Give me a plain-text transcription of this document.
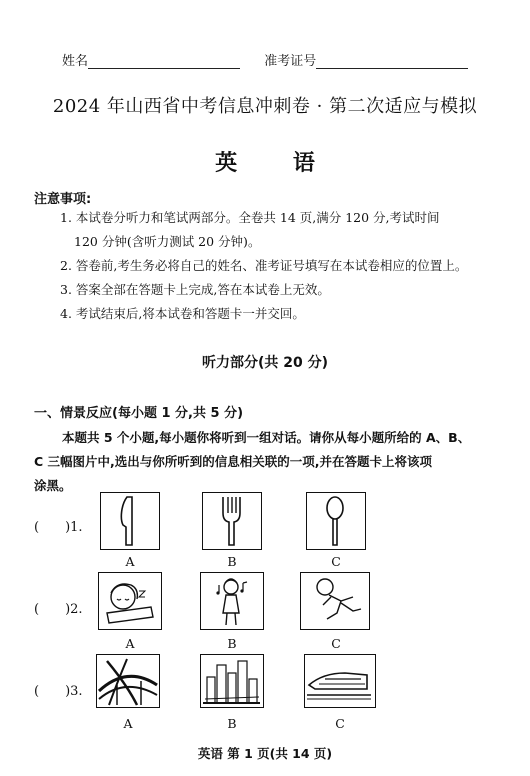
姓名	准考证号
2024 年山西省中考信息冲刺卷 · 第二次适应与模拟
英 语
注意事项:
1. 本试卷分听力和笔试两部分。全卷共 14 页,满分 120 分,考试时间
120 分钟(含听力测试 20 分钟)。
2. 答卷前,考生务必将自己的姓名、准考证号填写在本试卷相应的位置上。
3. 答案全部在答题卡上完成,答在本试卷上无效。
4. 考试结束后,将本试卷和答题卡一并交回。
听力部分(共 20 分)
一、情景反应(每小题 1 分,共 5 分)

本题共 5 个小题,每小题你将听到一组对话。请你从每小题所给的 A、B、

C 三幅图片中,选出与你所听到的信息相关联的一项,并在答题卡上将该项
涂黑。
( )1.
A	B	C
( )2.
A	B	C
( )3.
A	B	C
英语 第 1 页(共 14 页)
